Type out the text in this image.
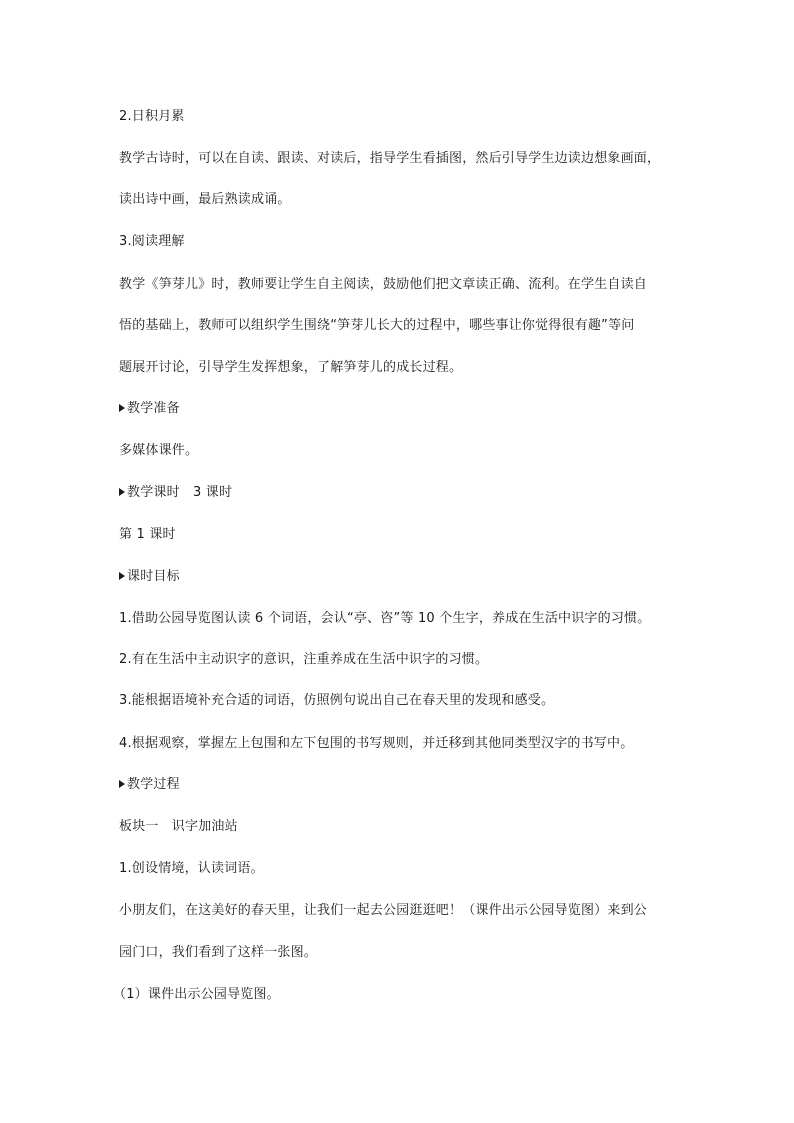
2.日积月累
教学古诗时，可以在自读、跟读、对读后，指导学生看插图，然后引导学生边读边想象画面，
读出诗中画，最后熟读成诵。
3.阅读理解
教学《笋芽儿》时，教师要让学生自主阅读，鼓励他们把文章读正确、流利。在学生自读自
悟的基础上，教师可以组织学生围绕“笋芽儿长大的过程中，哪些事让你觉得很有趣”等问
题展开讨论，引导学生发挥想象，了解笋芽儿的成长过程。
教学准备
多媒体课件。
教学课时　3 课时
第 1 课时
课时目标
1.借助公园导览图认读 6 个词语，会认“亭、咨”等 10 个生字，养成在生活中识字的习惯。
2.有在生活中主动识字的意识，注重养成在生活中识字的习惯。
3.能根据语境补充合适的词语，仿照例句说出自己在春天里的发现和感受。
4.根据观察，掌握左上包围和左下包围的书写规则，并迁移到其他同类型汉字的书写中。
教学过程
板块一　识字加油站
1.创设情境，认读词语。
小朋友们，在这美好的春天里，让我们一起去公园逛逛吧！（课件出示公园导览图）来到公
园门口，我们看到了这样一张图。
（1）课件出示公园导览图。
